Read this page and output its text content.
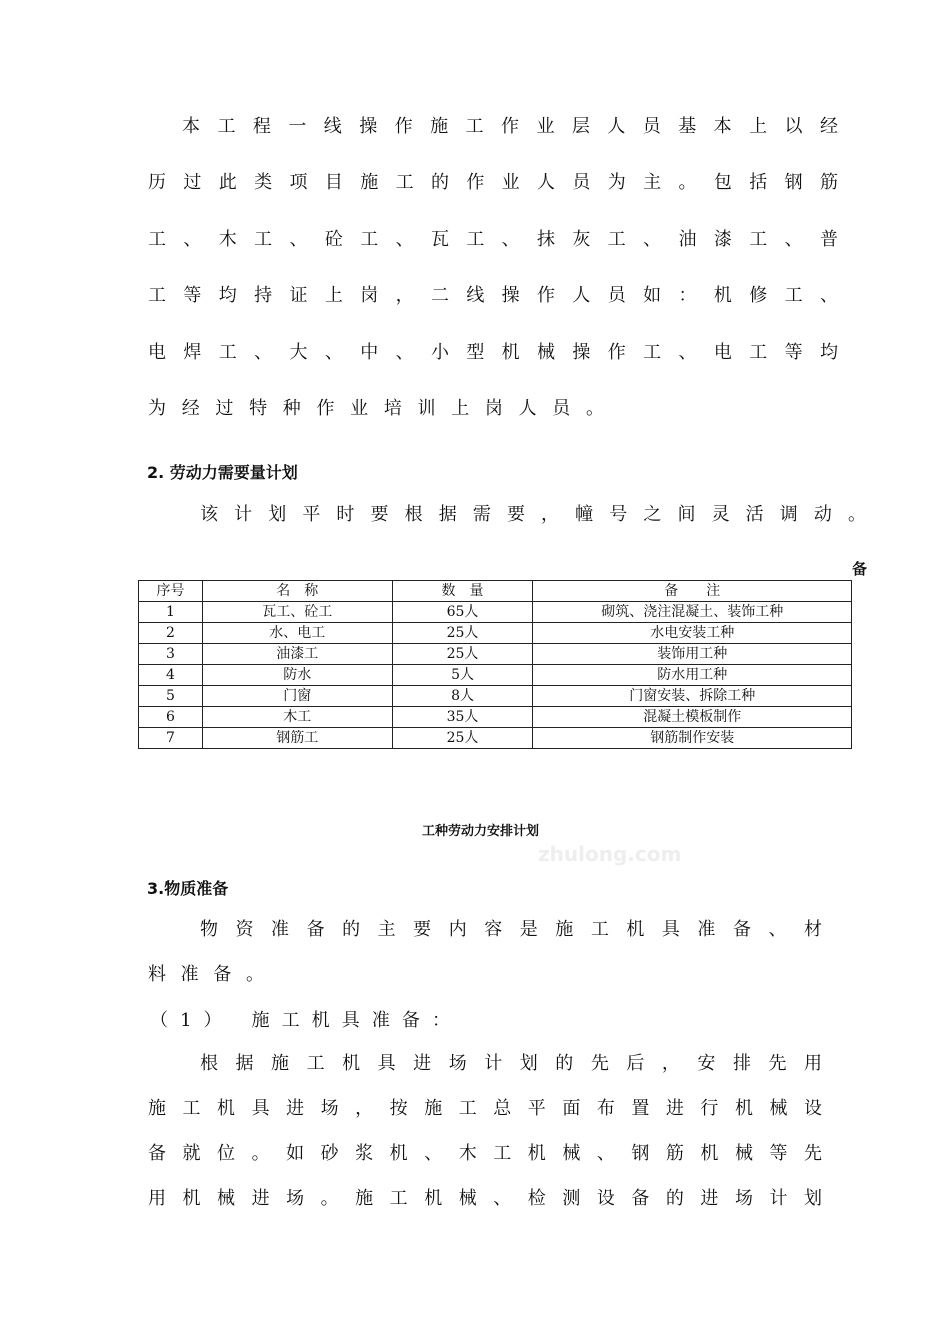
本工程一线操作施工作业层人员基本上以经
历过此类项目施工的作业人员为主。包括钢筋
工、木工、砼工、瓦工、抹灰工、油漆工、普
工等均持证上岗，二线操作人员如：机修工、
电焊工、大、中、小型机械操作工、电工等均
为经过特种作业培训上岗人员。
2. 劳动力需要量计划
该计划平时要根据需要，幢号之间灵活调动。
备
序号	名　称	数　量	备　　注
1	瓦工、砼工	65人	砌筑、浇注混凝土、装饰工种
2	水、电工	25人	水电安装工种
3	油漆工	25人	装饰用工种
4	防水	5人	防水用工种
5	门窗	8人	门窗安装、拆除工种
6	木工	35人	混凝土模板制作
7	钢筋工	25人	钢筋制作安装
工种劳动力安排计划
zhulong.com
3.物质准备
物资准备的主要内容是施工机具准备、材
料准备。
（1） 施工机具准备：
根据施工机具进场计划的先后，安排先用
施工机具进场，按施工总平面布置进行机械设
备就位。如砂浆机、木工机械、钢筋机械等先
用机械进场。施工机械、检测设备的进场计划
